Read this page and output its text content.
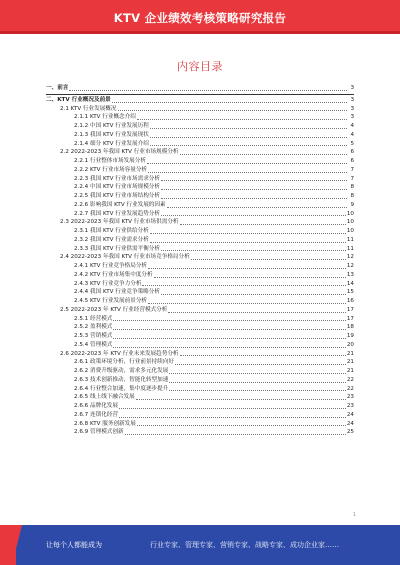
KTV 企业绩效考核策略研究报告
内容目录
一、前言	3
二、KTV 行业概况及前景	3
2.1 KTV 行业发展概况	3
2.1.1 KTV 行业概念介绍	3
2.1.2 中国 KTV 行业发展历程	4
2.1.3 我国 KTV 行业发展现状	4
2.1.4 细分 KTV 行业发展介绍	5
2.2 2022-2023 年我国 KTV 行业市场规模分析	6
2.2.1 行业整体市场发展分析	6
2.2.2 KTV 行业市场容量分析	7
2.2.3 我国 KTV 行业市场需求分析	7
2.2.4 中国 KTV 行业市场规模分析	8
2.2.5 我国 KTV 行业市场结构分析	8
2.2.6 影响我国 KTV 行业发展的因素	9
2.2.7 我国 KTV 行业发展趋势分析	10
2.3 2022-2023 年我国 KTV 行业市场供需分析	10
2.3.1 我国 KTV 行业供给分析	10
2.3.2 我国 KTV 行业需求分析	11
2.3.3 我国 KTV 行业供需平衡分析	11
2.4 2022-2023 年我国 KTV 行业市场竞争格局分析	12
2.4.1 KTV 行业竞争格局分析	12
2.4.2 KTV 行业市场集中度分析	13
2.4.3 KTV 行业竞争力分析	14
2.4.4 我国 KTV 行业竞争策略分析	15
2.4.5 KTV 行业发展前景分析	16
2.5 2022-2023 年 KTV 行业经营模式分析	17
2.5.1 经营模式	17
2.5.2 盈利模式	18
2.5.3 营销模式	19
2.5.4 管理模式	20
2.6 2022-2023 年 KTV 行业未来发展趋势分析	21
2.6.1 政策环境分析，行业前景持续向好	21
2.6.2 消费升级驱动，需求多元化发展	21
2.6.3 技术创新推动，智能化转型加速	22
2.6.4 行业整合加速，集中度逐步提升	22
2.6.5 线上线下融合发展	23
2.6.6 品牌化发展	23
2.6.7 连锁化经营	24
2.6.8 KTV 服务创新发展	24
2.6.9 管理模式创新	25
1
让每个人都能成为	行业专家、管理专家、营销专家、战略专家、成功企业家……
